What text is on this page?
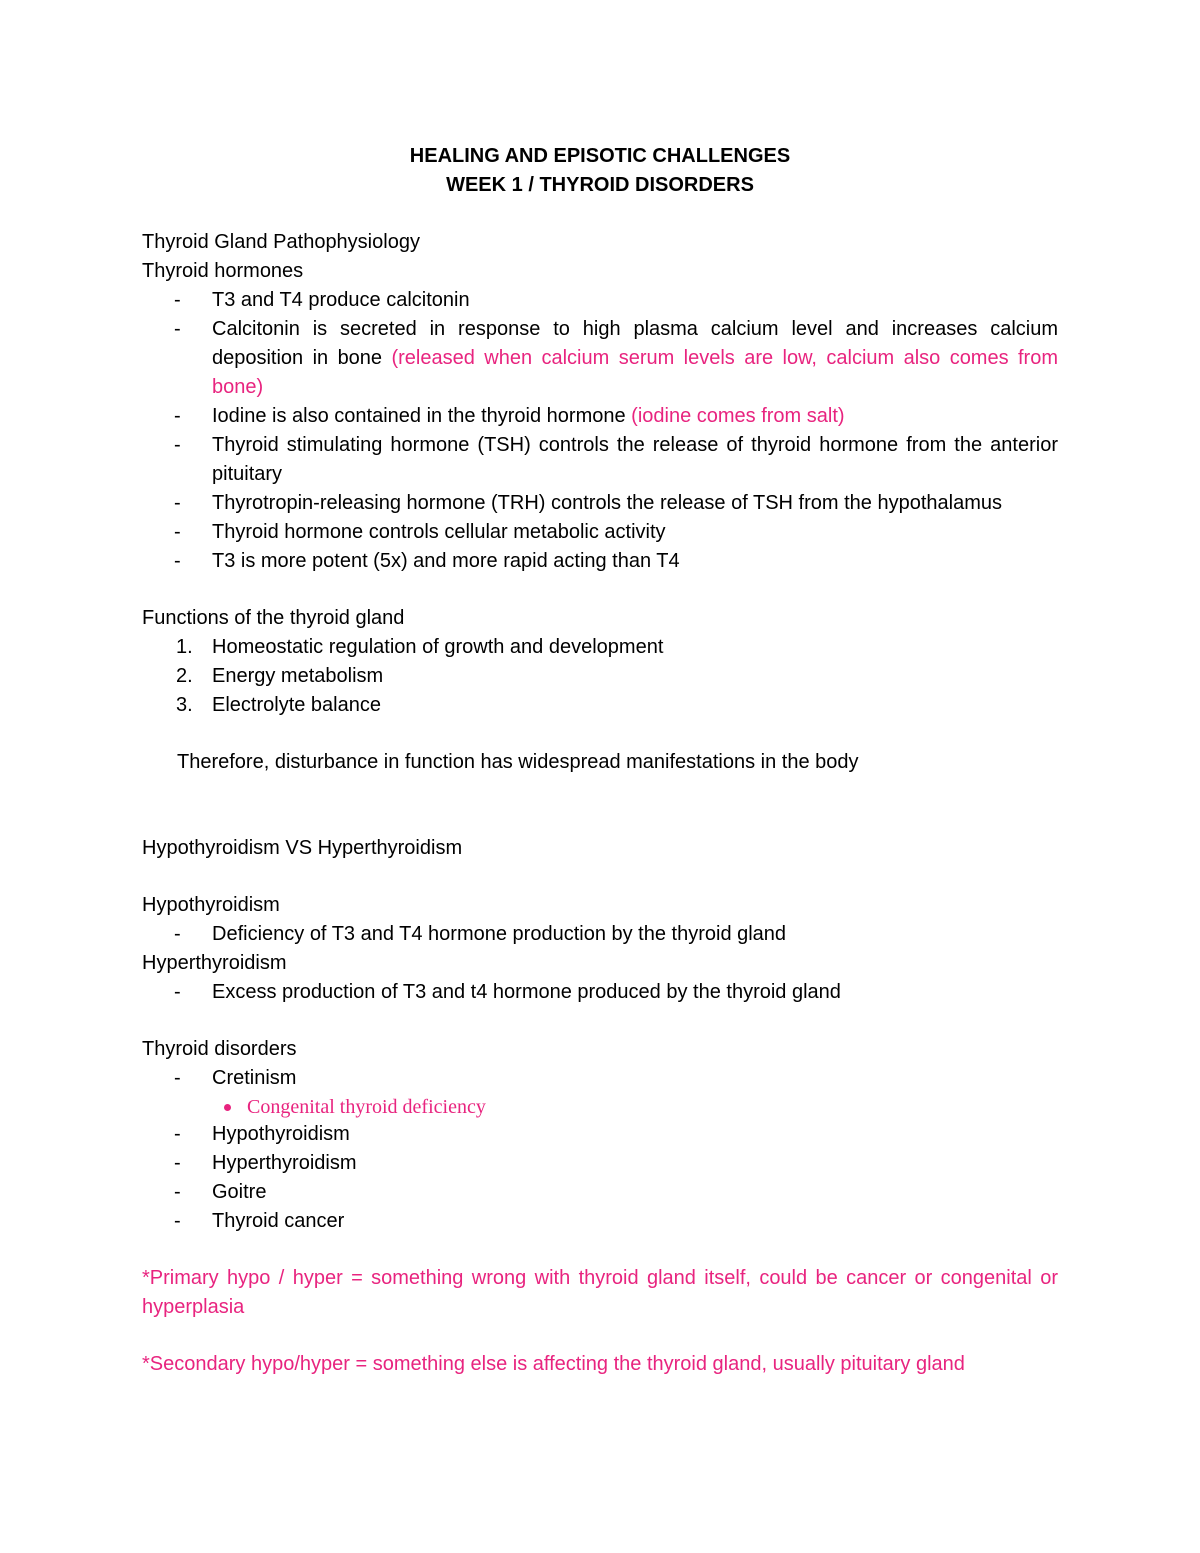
HEALING AND EPISOTIC CHALLENGES
WEEK 1 / THYROID DISORDERS
Thyroid Gland Pathophysiology
Thyroid hormones
- T3 and T4 produce calcitonin
- Calcitonin is secreted in response to high plasma calcium level and increases calcium deposition in bone (released when calcium serum levels are low, calcium also comes from bone)
- Iodine is also contained in the thyroid hormone (iodine comes from salt)
- Thyroid stimulating hormone (TSH) controls the release of thyroid hormone from the anterior pituitary
- Thyrotropin-releasing hormone (TRH) controls the release of TSH from the hypothalamus
- Thyroid hormone controls cellular metabolic activity
- T3 is more potent (5x) and more rapid acting than T4
Functions of the thyroid gland
1. Homeostatic regulation of growth and development
2. Energy metabolism
3. Electrolyte balance
Therefore, disturbance in function has widespread manifestations in the body
Hypothyroidism VS Hyperthyroidism
Hypothyroidism
- Deficiency of T3 and T4 hormone production by the thyroid gland
Hyperthyroidism
- Excess production of T3 and t4 hormone produced by the thyroid gland
Thyroid disorders
- Cretinism
Congenital thyroid deficiency
- Hypothyroidism
- Hyperthyroidism
- Goitre
- Thyroid cancer
*Primary hypo / hyper = something wrong with thyroid gland itself, could be cancer or congenital or hyperplasia
*Secondary hypo/hyper = something else is affecting the thyroid gland, usually pituitary gland
